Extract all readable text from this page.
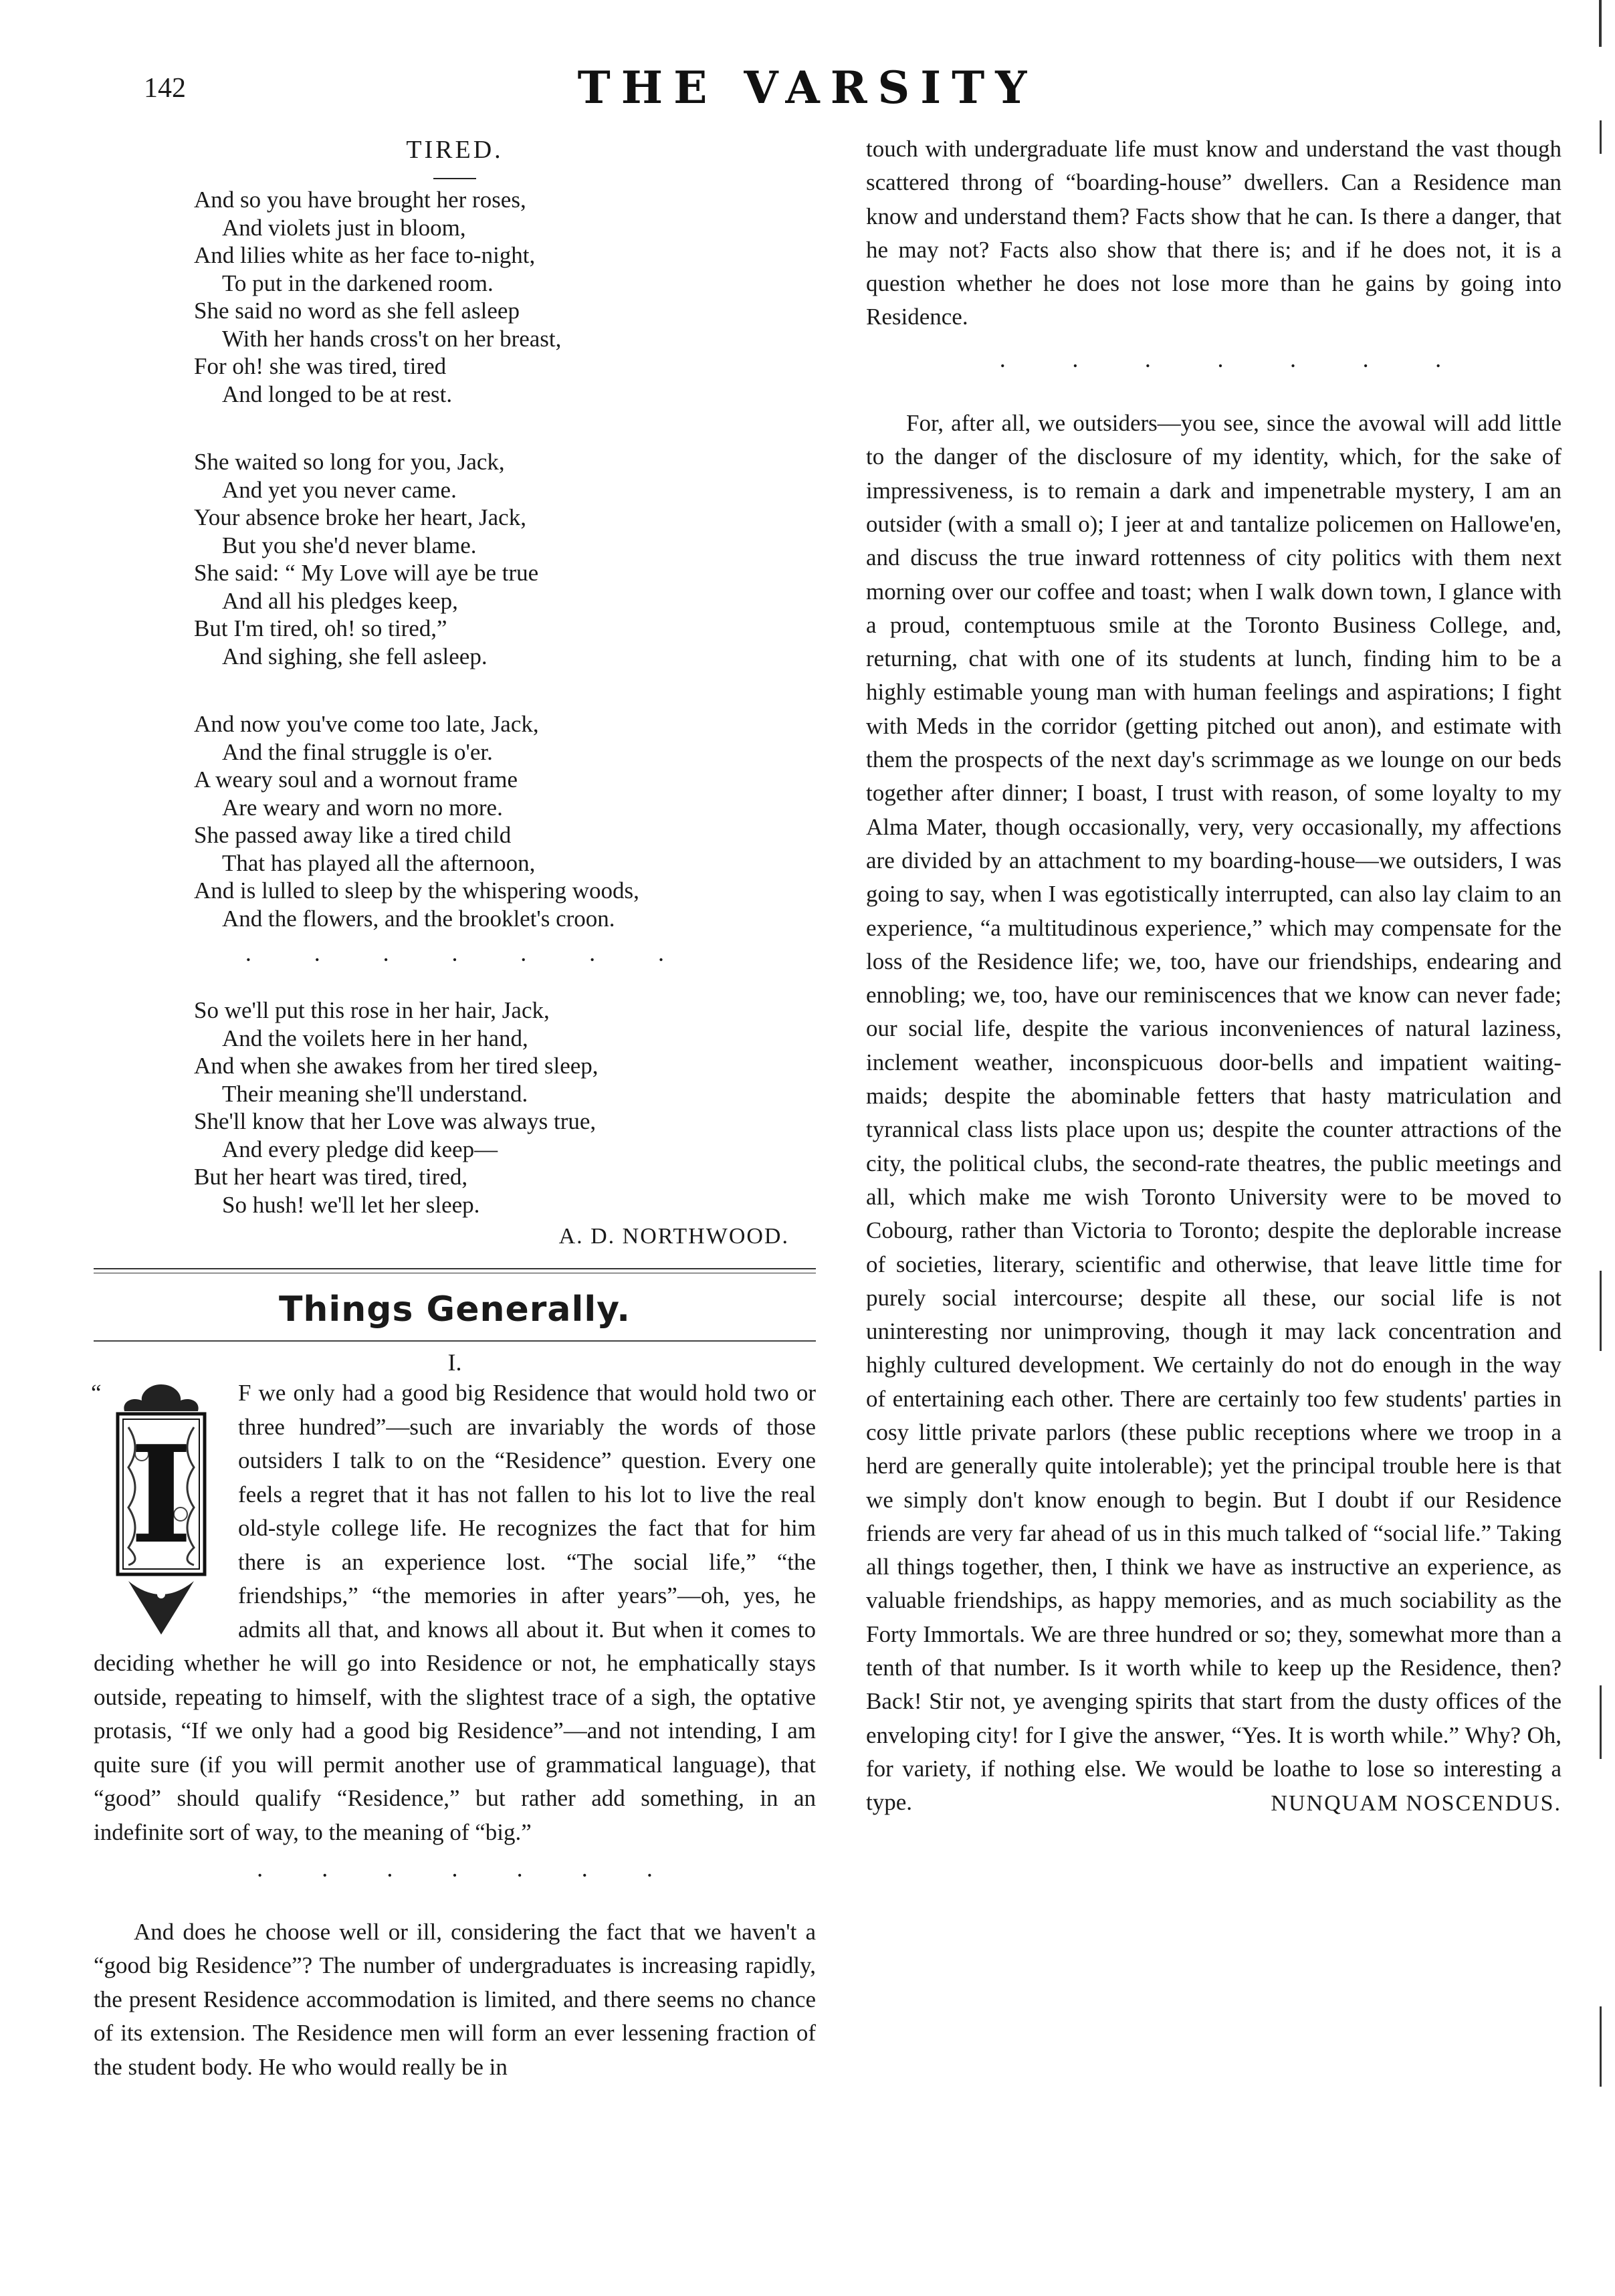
142	THE VARSITY
TIRED.
And so you have brought her roses,
And violets just in bloom,
And lilies white as her face to-night,
To put in the darkened room.
She said no word as she fell asleep
With her hands cross't on her breast,
For oh! she was tired, tired
And longed to be at rest.
She waited so long for you, Jack,
And yet you never came.
Your absence broke her heart, Jack,
But you she'd never blame.
She said: “ My Love will aye be true
And all his pledges keep,
But I'm tired, oh! so tired,”
And sighing, she fell asleep.
And now you've come too late, Jack,
And the final struggle is o'er.
A weary soul and a wornout frame
Are weary and worn no more.
She passed away like a tired child
That has played all the afternoon,
And is lulled to sleep by the whispering woods,
And the flowers, and the brooklet's croon.
·	·	·	·	·	·	·
So we'll put this rose in her hair, Jack,
And the voilets here in her hand,
And when she awakes from her tired sleep,
Their meaning she'll understand.
She'll know that her Love was always true,
And every pledge did keep—
But her heart was tired, tired,
So hush! we'll let her sleep.
A. D. NORTHWOOD.
Things Generally.
I.
I

“	F we only had a good big Residence that would hold two or three hundred”—such are invariably the words of those outsiders I talk to on the “Residence” question. Every one feels a regret that it has not fallen to his lot to live the real old-style college life. He recognizes the fact that for him there is an experience lost. “The social life,” “the friendships,” “the memories in after years”—oh, yes, he admits all that, and knows all about it. But when it comes to deciding whether he will go into Residence or not, he emphatically stays outside, repeating to himself, with the slightest trace of a sigh, the optative protasis, “If we only had a good big Residence”—and not intending, I am quite sure (if you will permit another use of grammatical language), that “good” should qualify “Residence,” but rather add something, in an indefinite sort of way, to the meaning of “big.”

· · · · · · ·

And does he choose well or ill, considering the fact that we haven't a “good big Residence”? The number of undergraduates is increasing rapidly, the present Residence accommodation is limited, and there seems no chance of its extension. The Residence men will form an ever lessening fraction of the student body. He who would really be in

touch with undergraduate life must know and understand the vast though scattered throng of “boarding-house” dwellers. Can a Residence man know and understand them? Facts show that he can. Is there a danger, that he may not? Facts also show that there is; and if he does not, it is a question whether he does not lose more than he gains by going into Residence.

·	·	·	·	·	·	·

For, after all, we outsiders—you see, since the avowal will add little to the danger of the disclosure of my identity, which, for the sake of impressiveness, is to remain a dark and impenetrable mystery, I am an outsider (with a small o); I jeer at and tantalize policemen on Hallowe'en, and discuss the true inward rottenness of city politics with them next morning over our coffee and toast; when I walk down town, I glance with a proud, contemptuous smile at the Toronto Business College, and, returning, chat with one of its students at lunch, finding him to be a highly estimable young man with human feelings and aspirations; I fight with Meds in the corridor (getting pitched out anon), and estimate with them the prospects of the next day's scrimmage as we lounge on our beds together after dinner; I boast, I trust with reason, of some loyalty to my Alma Mater, though occasionally, very, very occasionally, my affections are divided by an attachment to my boarding-house—we outsiders, I was going to say, when I was egotistically interrupted, can also lay claim to an experience, “a multitudinous experience,” which may compensate for the loss of the Residence life; we, too, have our friendships, endearing and ennobling; we, too, have our reminiscences that we know can never fade; our social life, despite the various inconveniences of natural laziness, inclement weather, inconspicuous door-bells and impatient waiting-maids; despite the abominable fetters that hasty matriculation and tyrannical class lists place upon us; despite the counter attractions of the city, the political clubs, the second-rate theatres, the public meetings and all, which make me wish Toronto University were to be moved to Cobourg, rather than Victoria to Toronto; despite the deplorable increase of societies, literary, scientific and otherwise, that leave little time for purely social intercourse; despite all these, our social life is not uninteresting nor unimproving, though it may lack concentration and highly cultured development. We certainly do not do enough in the way of entertaining each other. There are certainly too few students' parties in cosy little private parlors (these public receptions where we troop in a herd are generally quite intolerable); yet the principal trouble here is that we simply don't know enough to begin. But I doubt if our Residence friends are very far ahead of us in this much talked of “social life.” Taking all things together, then, I think we have as instructive an experience, as valuable friendships, as happy memories, and as much sociability as the Forty Immortals. We are three hundred or so; they, somewhat more than a tenth of that number. Is it worth while to keep up the Residence, then? Back! Stir not, ye avenging spirits that start from the dusty offices of the enveloping city! for I give the answer, “Yes. It is worth while.” Why? Oh, for variety, if nothing else. We would be loathe to lose so interesting a type.	NUNQUAM NOSCENDUS.
